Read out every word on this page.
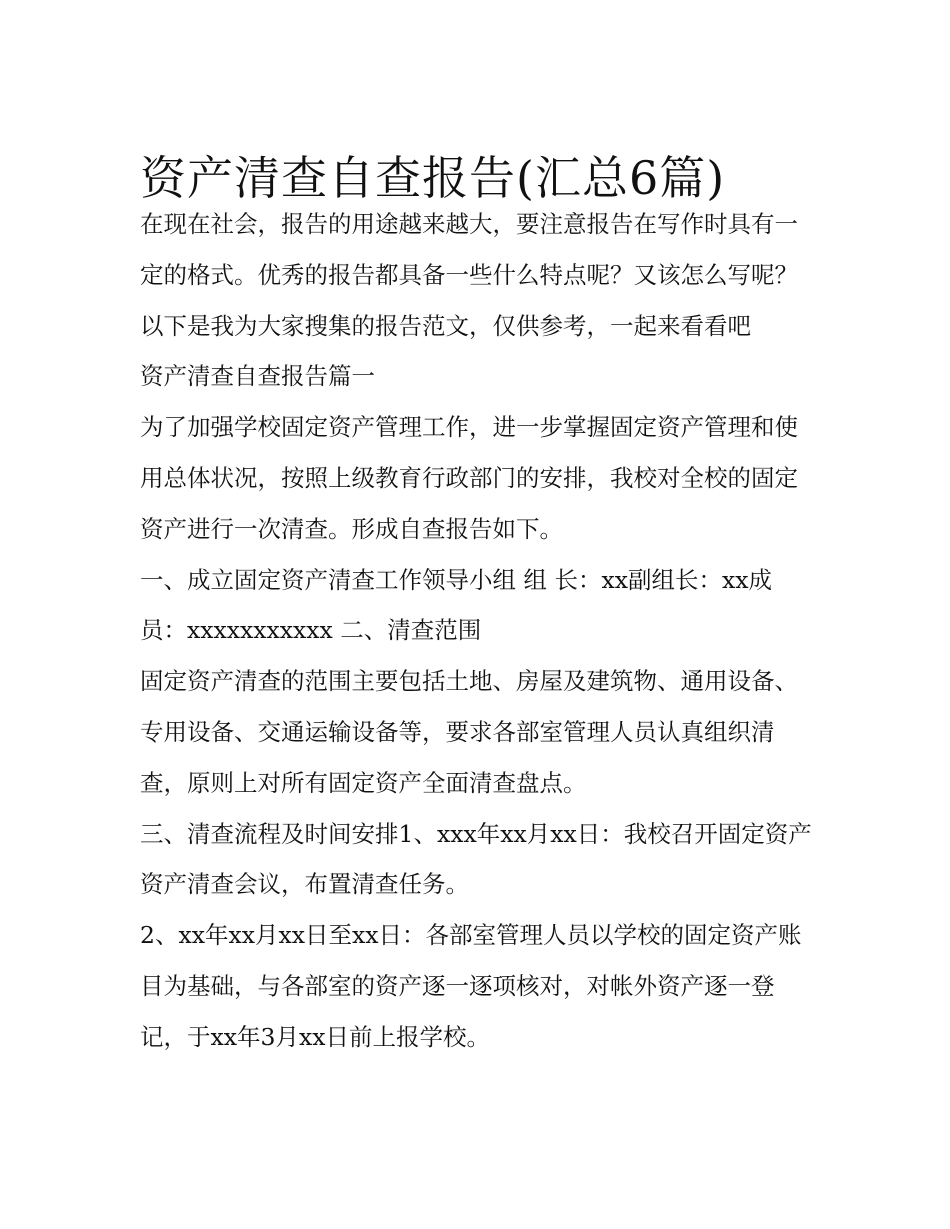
资产清查自查报告(汇总6篇)

在现在社会，报告的用途越来越大，要注意报告在写作时具有一定的格式。优秀的报告都具备一些什么特点呢？又该怎么写呢？以下是我为大家搜集的报告范文，仅供参考，一起来看看吧

资产清查自查报告篇一

为了加强学校固定资产管理工作，进一步掌握固定资产管理和使用总体状况，按照上级教育行政部门的安排，我校对全校的固定资产进行一次清查。形成自查报告如下。

一、成立固定资产清查工作领导小组 组 长：xx副组长：xx成员：xxxxxxxxxxx 二、清查范围

固定资产清查的范围主要包括土地、房屋及建筑物、通用设备、专用设备、交通运输设备等，要求各部室管理人员认真组织清查，原则上对所有固定资产全面清查盘点。

三、清查流程及时间安排1、xxx年xx月xx日：我校召开固定资产资产清查会议，布置清查任务。

2、xx年xx月xx日至xx日：各部室管理人员以学校的固定资产账目为基础，与各部室的资产逐一逐项核对，对帐外资产逐一登记，于xx年3月xx日前上报学校。
